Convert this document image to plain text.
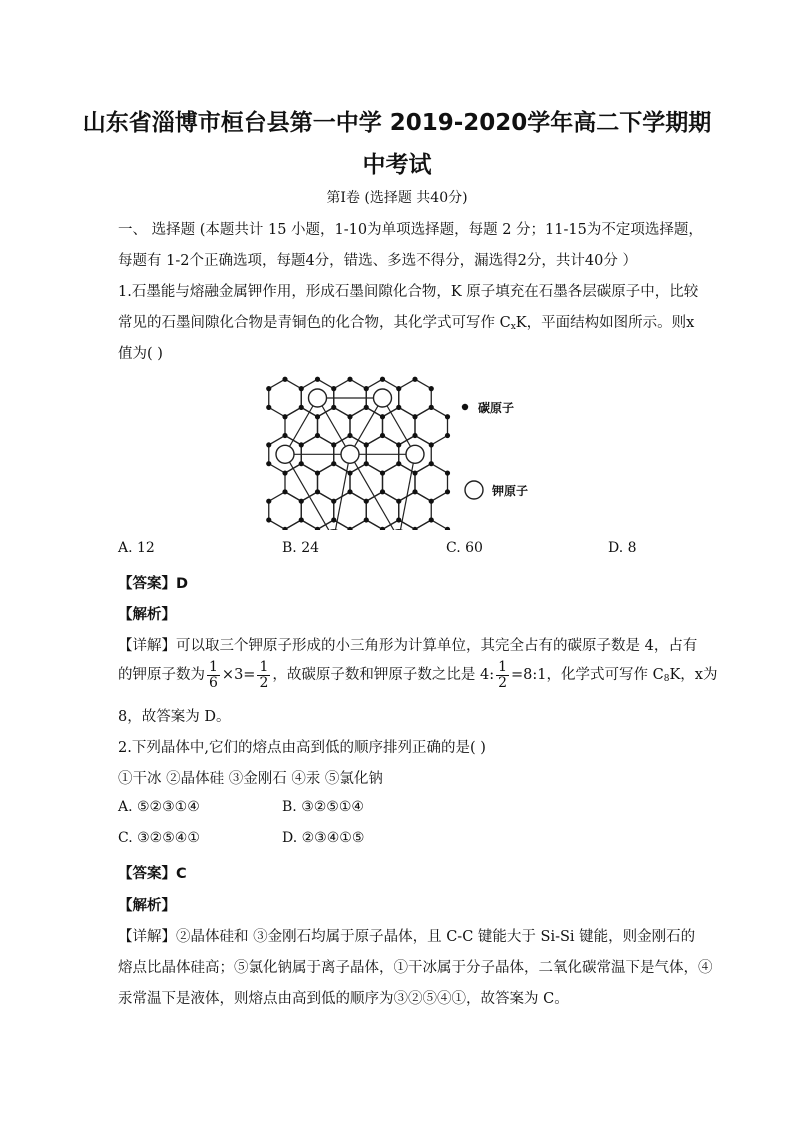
山东省淄博市桓台县第一中学 2019-2020学年高二下学期期
中考试
第Ⅰ卷 (选择题 共40分)
一、 选择题 (本题共计 15 小题，1-10为单项选择题，每题 2 分；11-15为不定项选择题，
每题有 1-2个正确选项，每题4分，错选、多选不得分，漏选得2分，共计40分 ）
1.石墨能与熔融金属钾作用，形成石墨间隙化合物，K 原子填充在石墨各层碳原子中，比较
常见的石墨间隙化合物是青铜色的化合物，其化学式可写作 CxK，平面结构如图所示。则x
值为( )
碳原子
钾原子
A. 12	B. 24	C. 60	D. 8
【答案】D
【解析】
【详解】可以取三个钾原子形成的小三角形为计算单位，其完全占有的碳原子数是 4，占有
的钾原子数为 $\frac{1}{6} \times 3= \frac{1}{2}$ ，故碳原子数和钾原子数之比是 4: $\frac{1}{2}$ =8:1，化学式可写作 C8K，x为
8，故答案为 D。
2.下列晶体中,它们的熔点由高到低的顺序排列正确的是( )
①干冰 ②晶体硅 ③金刚石 ④汞 ⑤氯化钠
A. ⑤②③①④	B. ③②⑤①④
C. ③②⑤④①	D. ②③④①⑤
【答案】C
【解析】
【详解】②晶体硅和 ③金刚石均属于原子晶体，且 C-C 键能大于 Si-Si 键能，则金刚石的
熔点比晶体硅高；⑤氯化钠属于离子晶体，①干冰属于分子晶体，二氧化碳常温下是气体，④
汞常温下是液体，则熔点由高到低的顺序为③②⑤④①，故答案为 C。
